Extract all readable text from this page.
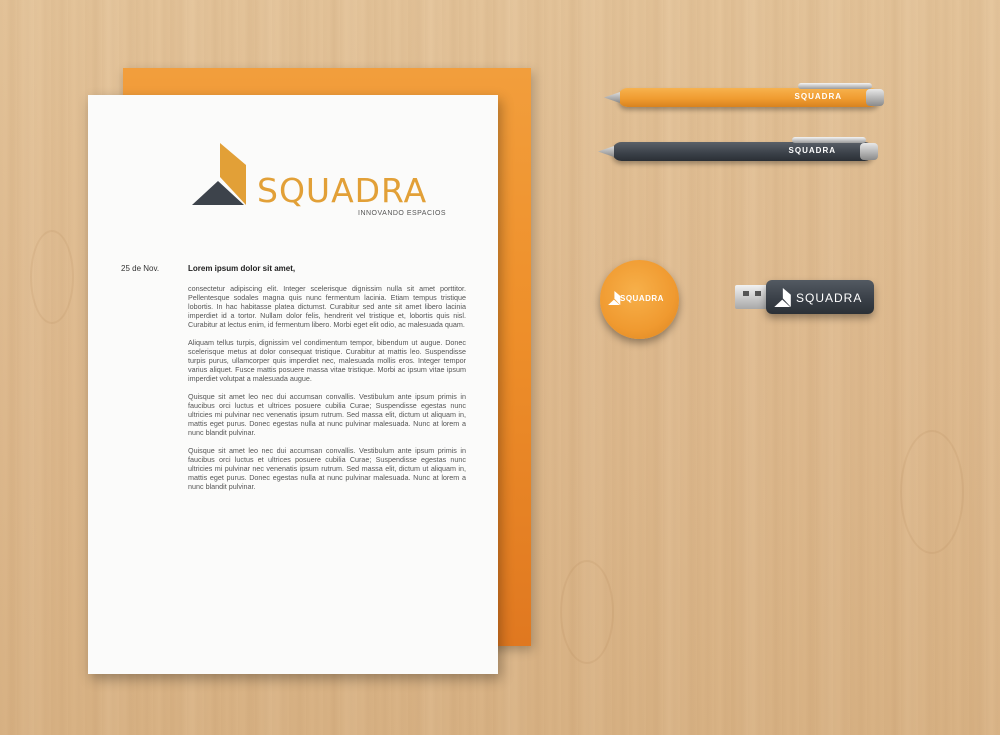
SQUADRA
INNOVANDO ESPACIOS
25 de Nov.	Lorem ipsum dolor sit amet,

consectetur adipiscing elit. Integer scelerisque dignissim nulla sit amet porttitor. Pellentesque sodales magna quis nunc fermentum lacinia. Etiam tempus tristique lobortis. In hac habitasse platea dictumst. Curabitur sed ante sit amet libero lacinia imperdiet id a tortor. Nullam dolor felis, hendrerit vel tristique et, lobortis quis nisl. Curabitur at lectus enim, id fermentum libero. Morbi eget elit odio, ac malesuada quam.

Aliquam tellus turpis, dignissim vel condimentum tempor, bibendum ut augue. Donec scelerisque metus at dolor consequat tristique. Curabitur at mattis leo. Suspendisse turpis purus, ullamcorper quis imperdiet nec, malesuada mollis eros. Integer tempor varius aliquet. Fusce mattis posuere massa vitae tristique. Morbi ac ipsum vitae ipsum imperdiet volutpat a malesuada augue.

Quisque sit amet leo nec dui accumsan convallis. Vestibulum ante ipsum primis in faucibus orci luctus et ultrices posuere cubilia Curae; Suspendisse egestas nunc ultricies mi pulvinar nec venenatis ipsum rutrum. Sed massa elit, dictum ut aliquam in, mattis eget purus. Donec egestas nulla at nunc pulvinar malesuada. Nunc at lorem a nunc blandit pulvinar.

Quisque sit amet leo nec dui accumsan convallis. Vestibulum ante ipsum primis in faucibus orci luctus et ultrices posuere cubilia Curae; Suspendisse egestas nunc ultricies mi pulvinar nec venenatis ipsum rutrum. Sed massa elit, dictum ut aliquam in, mattis eget purus. Donec egestas nulla at nunc pulvinar malesuada. Nunc at lorem a nunc blandit pulvinar.

SQUADRA
SQUADRA
SQUADRA	SQUADRA
